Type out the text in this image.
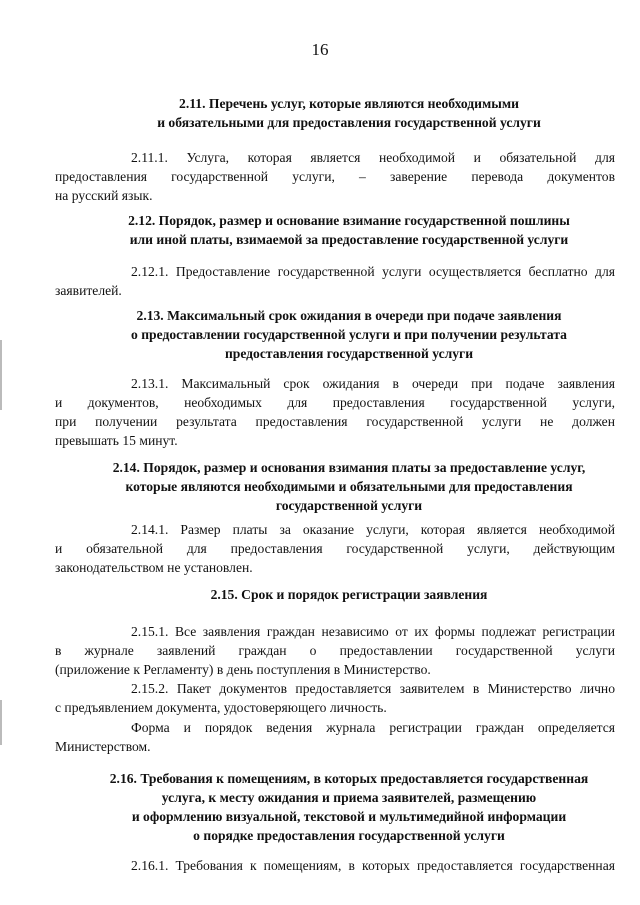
16
2.11. Перечень услуг, которые являются необходимыми
и обязательными для предоставления государственной услуги
2.11.1. Услуга, которая является необходимой и обязательной для
предоставления государственной услуги, – заверение перевода документов
на русский язык.
2.12. Порядок, размер и основание взимание государственной пошлины
или иной платы, взимаемой за предоставление государственной услуги
2.12.1. Предоставление государственной услуги осуществляется бесплатно для
заявителей.
2.13. Максимальный срок ожидания в очереди при подаче заявления
о предоставлении государственной услуги и при получении результата
предоставления государственной услуги
2.13.1. Максимальный срок ожидания в очереди при подаче заявления
и документов, необходимых для предоставления государственной услуги,
при получении результата предоставления государственной услуги не должен
превышать 15 минут.
2.14. Порядок, размер и основания взимания платы за предоставление услуг,
которые являются необходимыми и обязательными для предоставления
государственной услуги
2.14.1. Размер платы за оказание услуги, которая является необходимой
и обязательной для предоставления государственной услуги, действующим
законодательством не установлен.
2.15. Срок и порядок регистрации заявления
2.15.1. Все заявления граждан независимо от их формы подлежат регистрации
в журнале заявлений граждан о предоставлении государственной услуги
(приложение к Регламенту) в день поступления в Министерство.
2.15.2. Пакет документов предоставляется заявителем в Министерство лично
с предъявлением документа, удостоверяющего личность.
Форма и порядок ведения журнала регистрации граждан определяется
Министерством.
2.16. Требования к помещениям, в которых предоставляется государственная
услуга, к месту ожидания и приема заявителей, размещению
и оформлению визуальной, текстовой и мультимедийной информации
о порядке предоставления государственной услуги
2.16.1. Требования к помещениям, в которых предоставляется государственная
